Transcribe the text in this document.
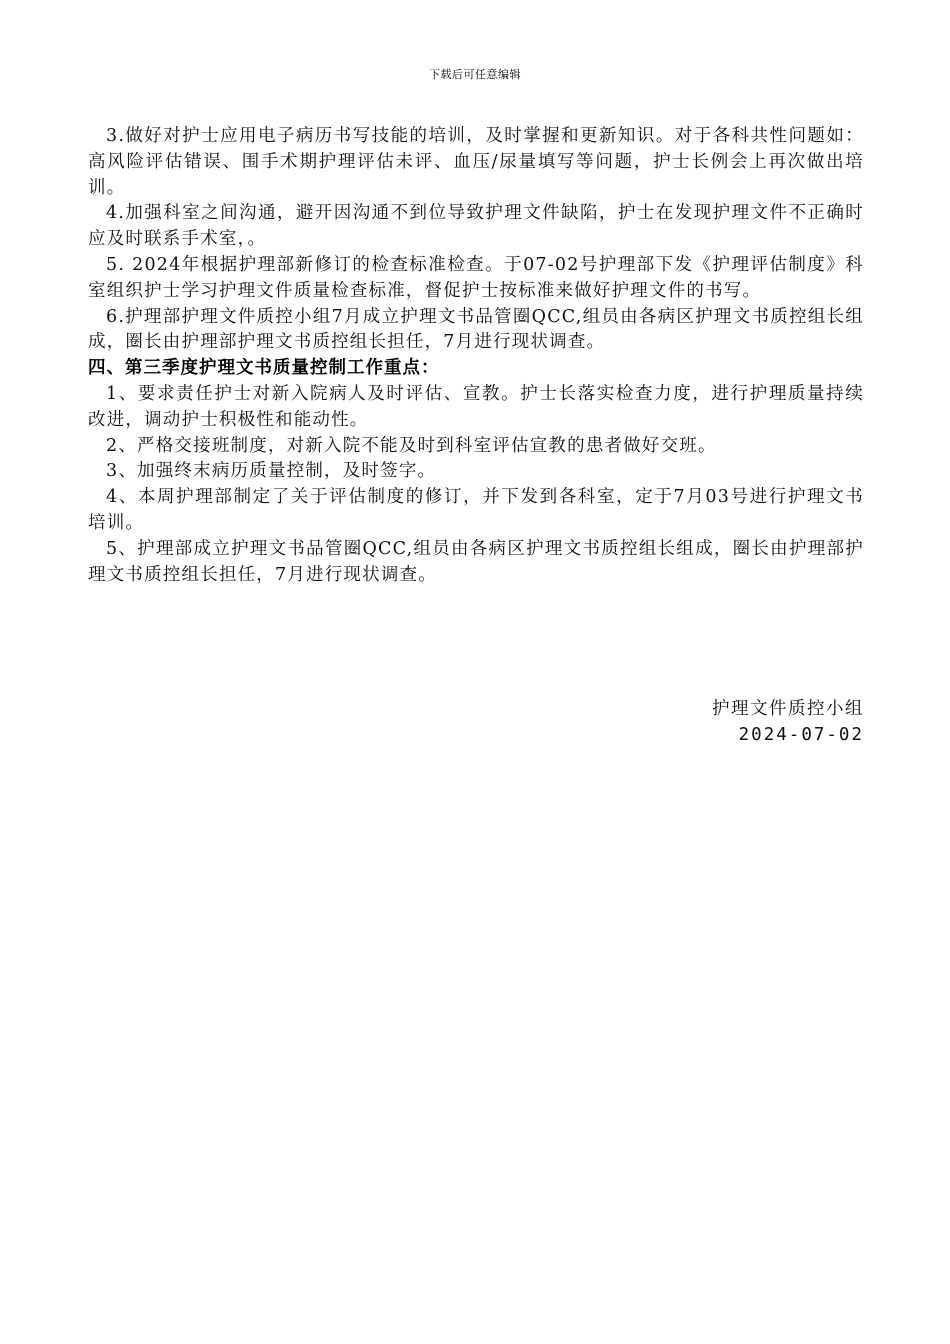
下载后可任意编辑

3.做好对护士应用电子病历书写技能的培训，及时掌握和更新知识。对于各科共性问题如：高风险评估错误、围手术期护理评估未评、血压/尿量填写等问题，护士长例会上再次做出培训。

4.加强科室之间沟通，避开因沟通不到位导致护理文件缺陷，护士在发现护理文件不正确时应及时联系手术室，。

5. 2024年根据护理部新修订的检查标准检查。于07-02号护理部下发《护理评估制度》科室组织护士学习护理文件质量检查标准，督促护士按标准来做好护理文件的书写。

6.护理部护理文件质控小组7月成立护理文书品管圈QCC,组员由各病区护理文书质控组长组成，圈长由护理部护理文书质控组长担任，7月进行现状调查。

四、第三季度护理文书质量控制工作重点：

1、要求责任护士对新入院病人及时评估、宣教。护士长落实检查力度，进行护理质量持续改进，调动护士积极性和能动性。

2、严格交接班制度，对新入院不能及时到科室评估宣教的患者做好交班。

3、加强终末病历质量控制，及时签字。

4、本周护理部制定了关于评估制度的修订，并下发到各科室，定于7月03号进行护理文书培训。

5、护理部成立护理文书品管圈QCC,组员由各病区护理文书质控组长组成，圈长由护理部护理文书质控组长担任，7月进行现状调查。

护理文件质控小组
2024-07-02
